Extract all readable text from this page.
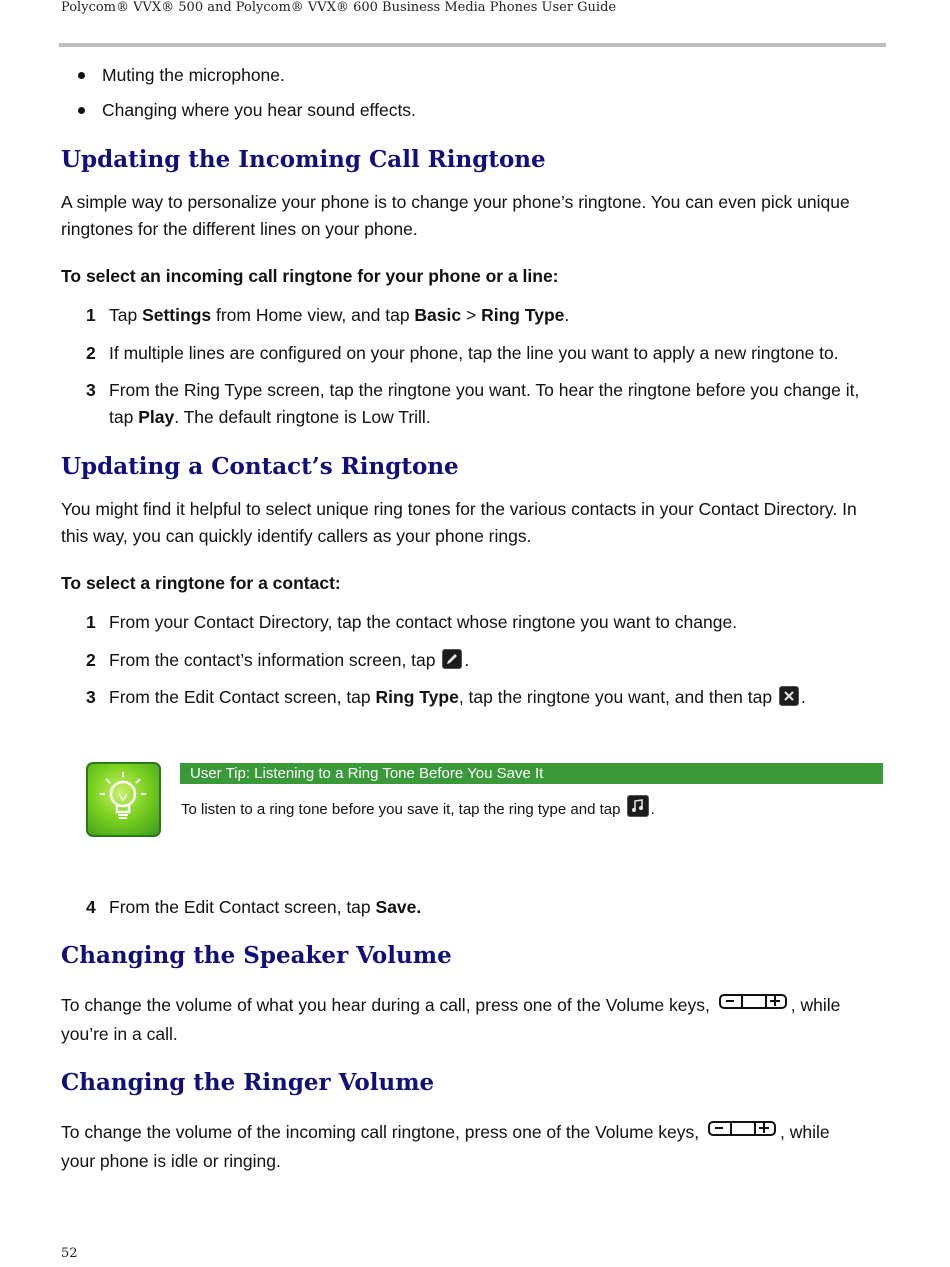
Polycom® VVX® 500 and Polycom® VVX® 600 Business Media Phones User Guide
Muting the microphone.
Changing where you hear sound effects.
Updating the Incoming Call Ringtone
A simple way to personalize your phone is to change your phone’s ringtone. You can even pick unique
ringtones for the different lines on your phone.
To select an incoming call ringtone for your phone or a line:
1 Tap Settings from Home view, and tap Basic > Ring Type.
2 If multiple lines are configured on your phone, tap the line you want to apply a new ringtone to.
3 From the Ring Type screen, tap the ringtone you want. To hear the ringtone before you change it,
tap Play. The default ringtone is Low Trill.
Updating a Contact’s Ringtone
You might find it helpful to select unique ring tones for the various contacts in your Contact Directory. In
this way, you can quickly identify callers as your phone rings.
To select a ringtone for a contact:
1 From your Contact Directory, tap the contact whose ringtone you want to change.
2 From the contact’s information screen, tap
.
3 From the Edit Contact screen, tap Ring Type, tap the ringtone you want, and then tap
.
User Tip: Listening to a Ring Tone Before You Save It
To listen to a ring tone before you save it, tap the ring type and tap
.
4 From the Edit Contact screen, tap Save.
Changing the Speaker Volume
To change the volume of what you hear during a call, press one of the Volume keys,	, while
you’re in a call.
Changing the Ringer Volume
To change the volume of the incoming call ringtone, press one of the Volume keys,	, while
your phone is idle or ringing.
52
